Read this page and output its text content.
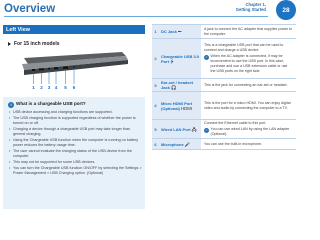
Overview	Chapter 1.
Getting Started	28
Left View
For 15 inch models
1 2 3 4 5 6
i What is a chargeable USB port?
• USB device accessing and charging functions are supported.
• The USB charging function is supported regardless of whether the power is turned on or off.
• Charging a device through a chargeable USB port may take longer than general charging.
• Using the Chargeable USB function when the computer is running on battery power reduces the battery usage time.
• The user cannot evaluate the charging status of the USB device from the computer.
• This may not be supported for some USB devices.
• You can turn the Chargeable USB function ON/OFF by selecting the Settings > Power Management > USB Charging option. (Optional)
1	DC Jack ⎓	A jack to connect the AC adapter that supplies power to the computer.

2	Chargeable USB 3.0 Port ⭍	This is a chargeable USB port that can be used to connect and charge a USB device.
✓ When the AC adapter is connected, it may be inconvenient to use the USB port. In this case, purchase and use a USB extension cable or use the USB ports on the right side.

3	Ear-set / headset Jack 🎧	This is the jack for connecting an ear-set or headset.

4	Micro HDMI Port (Optional) HDMI	This is the port for a micro HDMI. You can enjoy digital video and audio by connecting the computer to a TV.

5	Wired LAN Port 🖧	Connect the Ethernet cable to this port.
✓ You can use wired LAN by using the LAN adapter (Optional).

6	Microphone 🎤	You can use the built-in microphone.
